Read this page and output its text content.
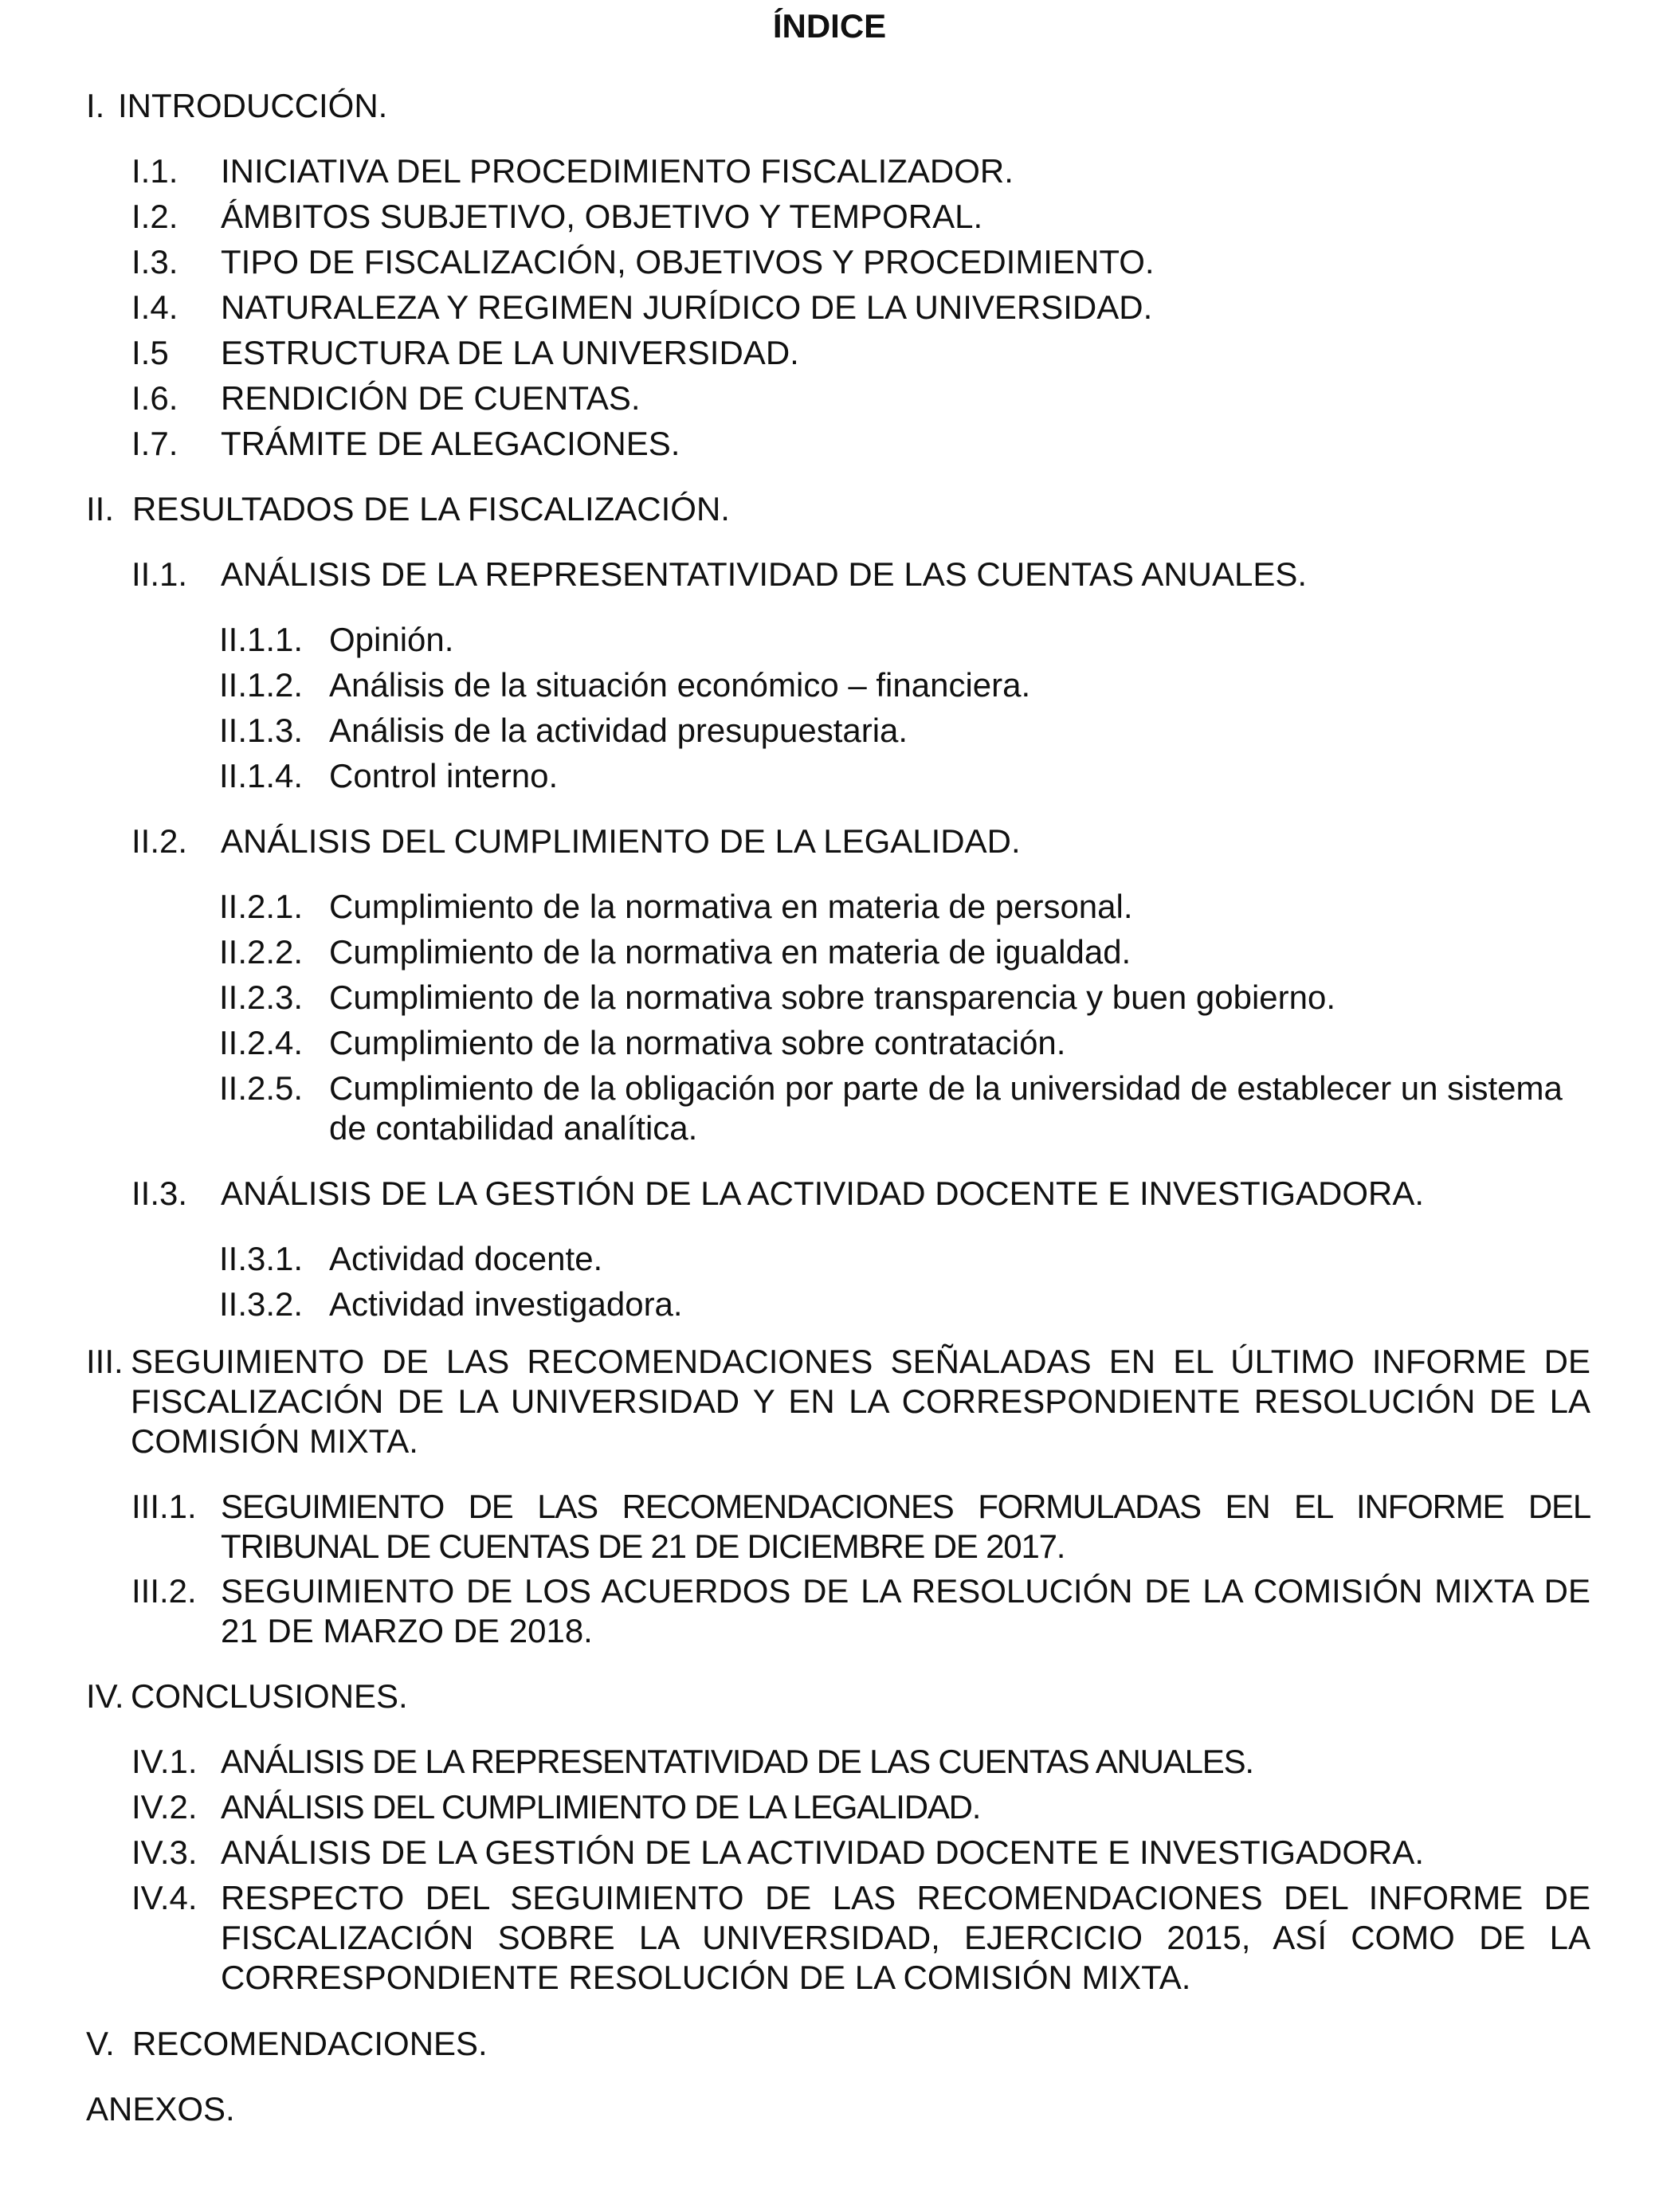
ÍNDICE
I. INTRODUCCIÓN.
I.1. INICIATIVA DEL PROCEDIMIENTO FISCALIZADOR.
I.2. ÁMBITOS SUBJETIVO, OBJETIVO Y TEMPORAL.
I.3. TIPO DE FISCALIZACIÓN, OBJETIVOS Y PROCEDIMIENTO.
I.4. NATURALEZA Y REGIMEN JURÍDICO DE LA UNIVERSIDAD.
I.5 ESTRUCTURA DE LA UNIVERSIDAD.
I.6. RENDICIÓN DE CUENTAS.
I.7. TRÁMITE DE ALEGACIONES.
II. RESULTADOS DE LA FISCALIZACIÓN.
II.1. ANÁLISIS DE LA REPRESENTATIVIDAD DE LAS CUENTAS ANUALES.
II.1.1. Opinión.
II.1.2. Análisis de la situación económico – financiera.
II.1.3. Análisis de la actividad presupuestaria.
II.1.4. Control interno.
II.2. ANÁLISIS DEL CUMPLIMIENTO DE LA LEGALIDAD.
II.2.1. Cumplimiento de la normativa en materia de personal.
II.2.2. Cumplimiento de la normativa en materia de igualdad.
II.2.3. Cumplimiento de la normativa sobre transparencia y buen gobierno.
II.2.4. Cumplimiento de la normativa sobre contratación.
II.2.5. Cumplimiento de la obligación por parte de la universidad de establecer un sistema de contabilidad analítica.
II.3. ANÁLISIS DE LA GESTIÓN DE LA ACTIVIDAD DOCENTE E INVESTIGADORA.
II.3.1. Actividad docente.
II.3.2. Actividad investigadora.
III. SEGUIMIENTO DE LAS RECOMENDACIONES SEÑALADAS EN EL ÚLTIMO INFORME DE FISCALIZACIÓN DE LA UNIVERSIDAD Y EN LA CORRESPONDIENTE RESOLUCIÓN DE LA COMISIÓN MIXTA.
III.1. SEGUIMIENTO DE LAS RECOMENDACIONES FORMULADAS EN EL INFORME DEL TRIBUNAL DE CUENTAS DE 21 DE DICIEMBRE DE 2017.
III.2. SEGUIMIENTO DE LOS ACUERDOS DE LA RESOLUCIÓN DE LA COMISIÓN MIXTA DE 21 DE MARZO DE 2018.
IV. CONCLUSIONES.
IV.1. ANÁLISIS DE LA REPRESENTATIVIDAD DE LAS CUENTAS ANUALES.
IV.2. ANÁLISIS DEL CUMPLIMIENTO DE LA LEGALIDAD.
IV.3. ANÁLISIS DE LA GESTIÓN DE LA ACTIVIDAD DOCENTE E INVESTIGADORA.
IV.4. RESPECTO DEL SEGUIMIENTO DE LAS RECOMENDACIONES DEL INFORME DE FISCALIZACIÓN SOBRE LA UNIVERSIDAD, EJERCICIO 2015, ASÍ COMO DE LA CORRESPONDIENTE RESOLUCIÓN DE LA COMISIÓN MIXTA.
V. RECOMENDACIONES.
ANEXOS.
